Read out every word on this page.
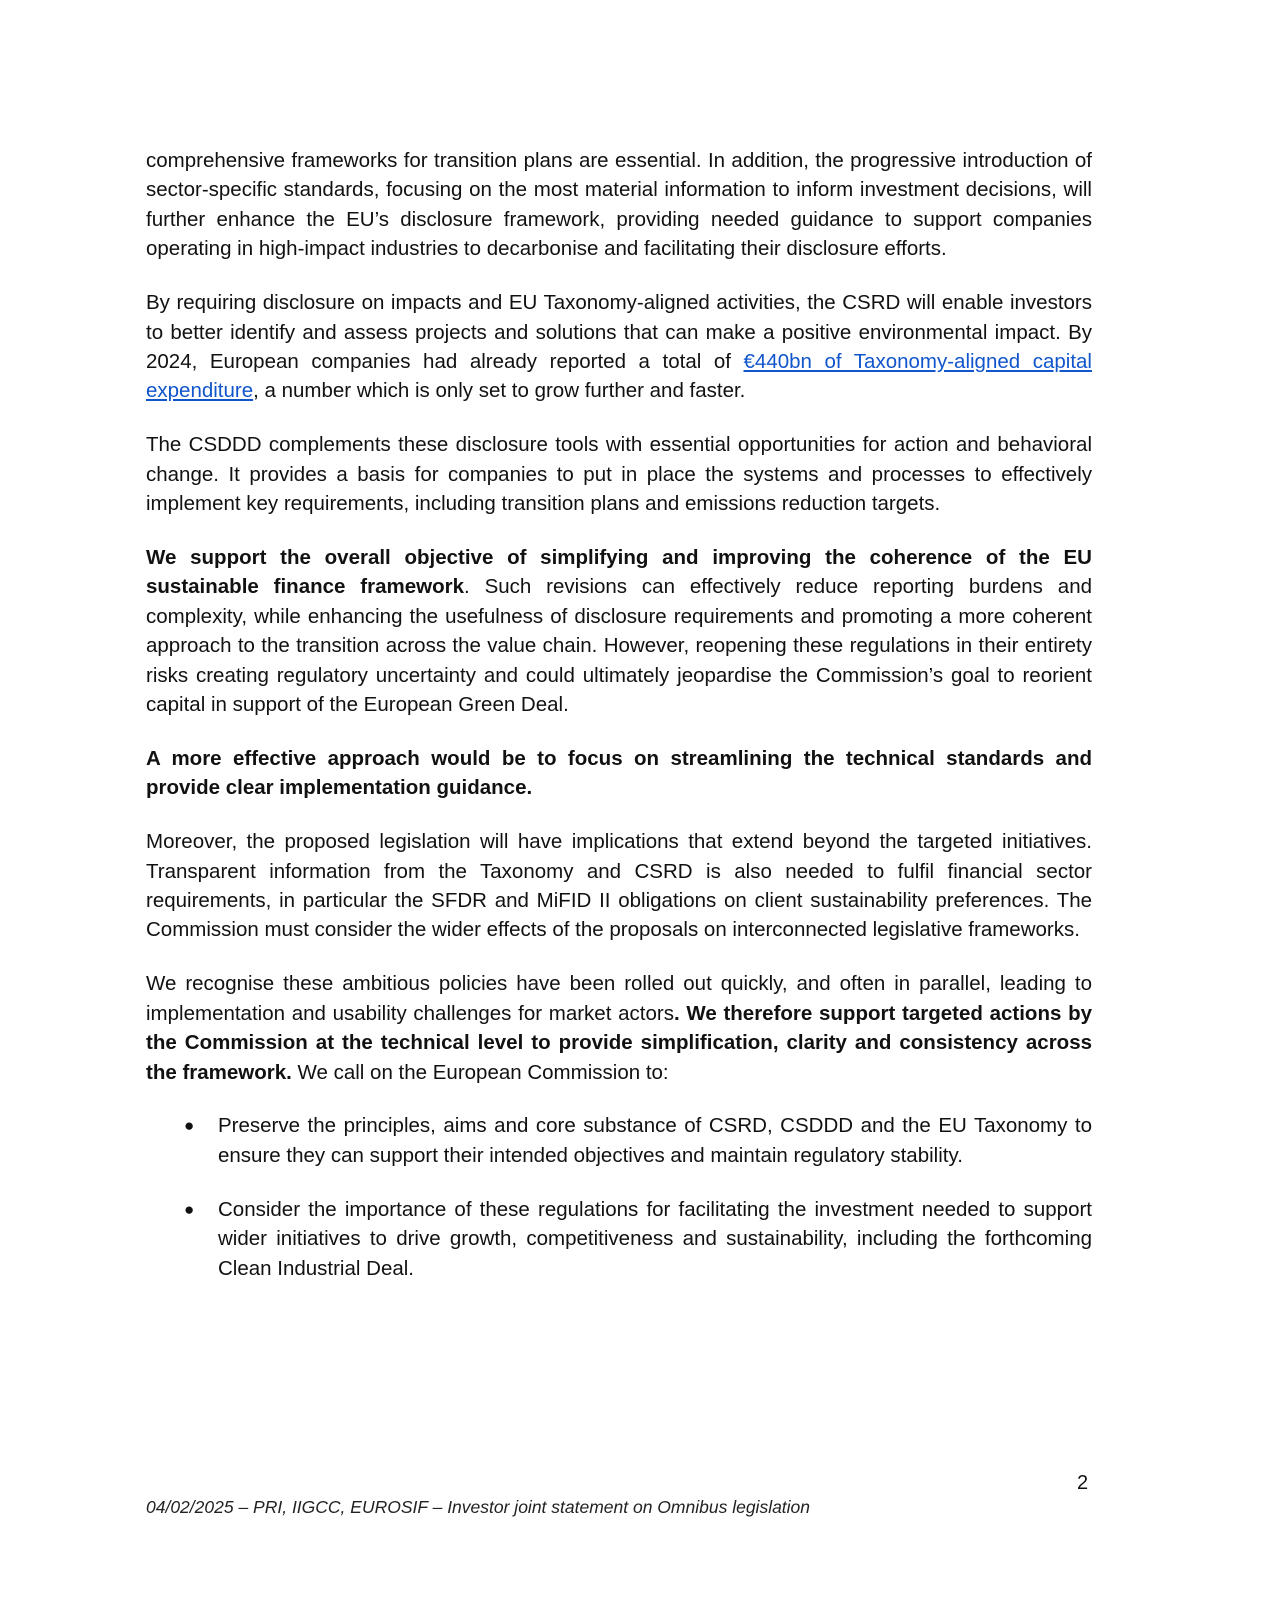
comprehensive frameworks for transition plans are essential. In addition, the progressive introduction of sector-specific standards, focusing on the most material information to inform investment decisions, will further enhance the EU’s disclosure framework, providing needed guidance to support companies operating in high-impact industries to decarbonise and facilitating their disclosure efforts.

By requiring disclosure on impacts and EU Taxonomy-aligned activities, the CSRD will enable investors to better identify and assess projects and solutions that can make a positive environmental impact. By 2024, European companies had already reported a total of €440bn of Taxonomy-aligned capital expenditure, a number which is only set to grow further and faster.

The CSDDD complements these disclosure tools with essential opportunities for action and behavioral change. It provides a basis for companies to put in place the systems and processes to effectively implement key requirements, including transition plans and emissions reduction targets.

We support the overall objective of simplifying and improving the coherence of the EU sustainable finance framework. Such revisions can effectively reduce reporting burdens and complexity, while enhancing the usefulness of disclosure requirements and promoting a more coherent approach to the transition across the value chain. However, reopening these regulations in their entirety risks creating regulatory uncertainty and could ultimately jeopardise the Commission’s goal to reorient capital in support of the European Green Deal.

A more effective approach would be to focus on streamlining the technical standards and provide clear implementation guidance.

Moreover, the proposed legislation will have implications that extend beyond the targeted initiatives. Transparent information from the Taxonomy and CSRD is also needed to fulfil financial sector requirements, in particular the SFDR and MiFID II obligations on client sustainability preferences. The Commission must consider the wider effects of the proposals on interconnected legislative frameworks.

We recognise these ambitious policies have been rolled out quickly, and often in parallel, leading to implementation and usability challenges for market actors. We therefore support targeted actions by the Commission at the technical level to provide simplification, clarity and consistency across the framework. We call on the European Commission to:

● Preserve the principles, aims and core substance of CSRD, CSDDD and the EU Taxonomy to ensure they can support their intended objectives and maintain regulatory stability.
● Consider the importance of these regulations for facilitating the investment needed to support wider initiatives to drive growth, competitiveness and sustainability, including the forthcoming Clean Industrial Deal.
2
04/02/2025 – PRI, IIGCC, EUROSIF – Investor joint statement on Omnibus legislation
